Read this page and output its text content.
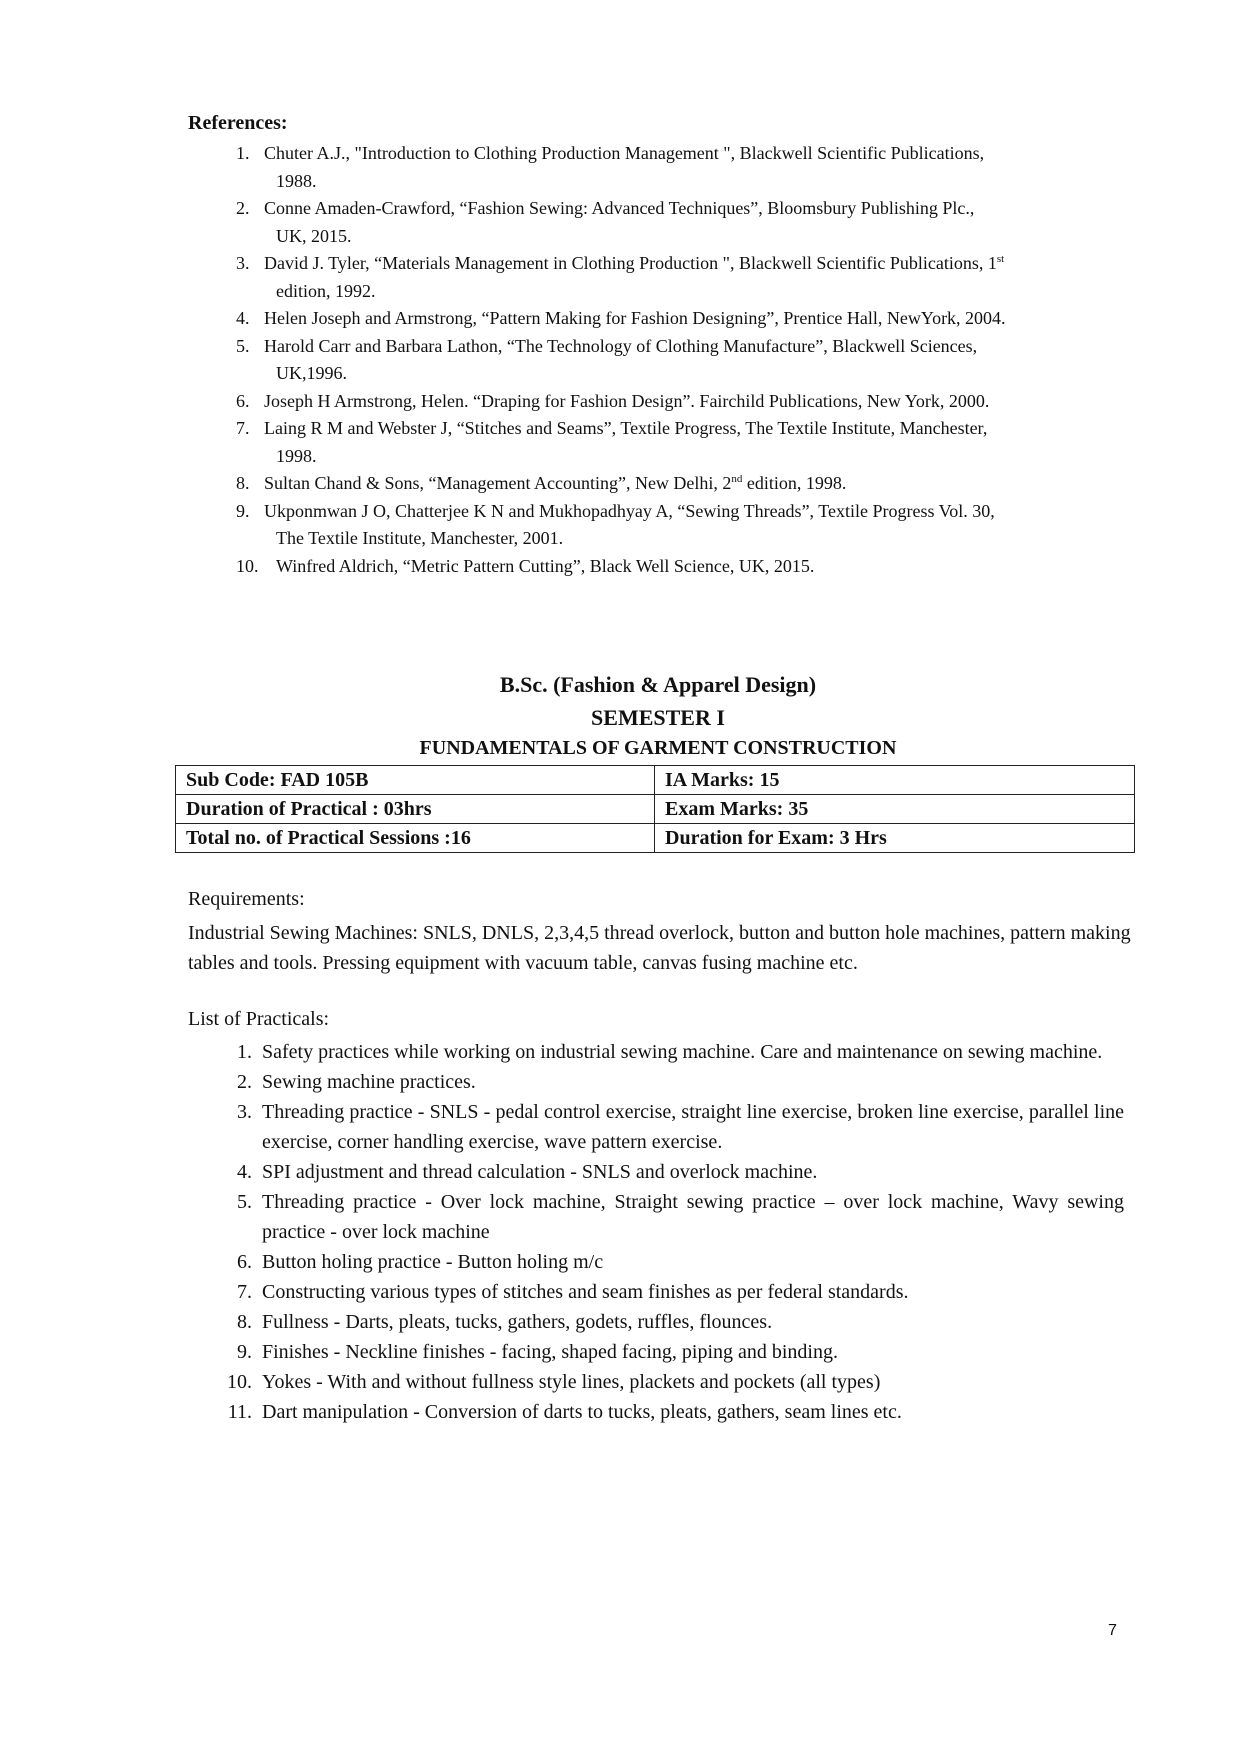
References:
1. Chuter A.J., "Introduction to Clothing Production Management ", Blackwell Scientific Publications,
1988.
2. Conne Amaden-Crawford, “Fashion Sewing: Advanced Techniques”, Bloomsbury Publishing Plc.,
UK, 2015.
3. David J. Tyler, “Materials Management in Clothing Production ", Blackwell Scientific Publications, 1st
edition, 1992.
4. Helen Joseph and Armstrong, “Pattern Making for Fashion Designing”, Prentice Hall, NewYork, 2004.
5. Harold Carr and Barbara Lathon, “The Technology of Clothing Manufacture”, Blackwell Sciences,
UK,1996.
6. Joseph H Armstrong, Helen. “Draping for Fashion Design”. Fairchild Publications, New York, 2000.
7. Laing R M and Webster J, “Stitches and Seams”, Textile Progress, The Textile Institute, Manchester,
1998.
8. Sultan Chand & Sons, “Management Accounting”, New Delhi, 2nd edition, 1998.
9. Ukponmwan J O, Chatterjee K N and Mukhopadhyay A, “Sewing Threads”, Textile Progress Vol. 30,
The Textile Institute, Manchester, 2001.
10. Winfred Aldrich, “Metric Pattern Cutting”, Black Well Science, UK, 2015.
B.Sc. (Fashion & Apparel Design)
SEMESTER I
FUNDAMENTALS OF GARMENT CONSTRUCTION
Sub Code: FAD 105B	IA Marks: 15
Duration of Practical : 03hrs	Exam Marks: 35
Total no. of Practical Sessions :16	Duration for Exam: 3 Hrs
Requirements:
Industrial Sewing Machines: SNLS, DNLS, 2,3,4,5 thread overlock, button and button hole machines, pattern making tables and tools. Pressing equipment with vacuum table, canvas fusing machine etc.
List of Practicals:
1. Safety practices while working on industrial sewing machine. Care and maintenance on sewing machine.
2. Sewing machine practices.
3. Threading practice - SNLS - pedal control exercise, straight line exercise, broken line exercise, parallel line exercise, corner handling exercise, wave pattern exercise.
4. SPI adjustment and thread calculation - SNLS and overlock machine.
5. Threading practice - Over lock machine, Straight sewing practice – over lock machine, Wavy sewing practice - over lock machine
6. Button holing practice - Button holing m/c
7. Constructing various types of stitches and seam finishes as per federal standards.
8. Fullness - Darts, pleats, tucks, gathers, godets, ruffles, flounces.
9. Finishes - Neckline finishes - facing, shaped facing, piping and binding.
10. Yokes - With and without fullness style lines, plackets and pockets (all types)
11. Dart manipulation - Conversion of darts to tucks, pleats, gathers, seam lines etc.
7
